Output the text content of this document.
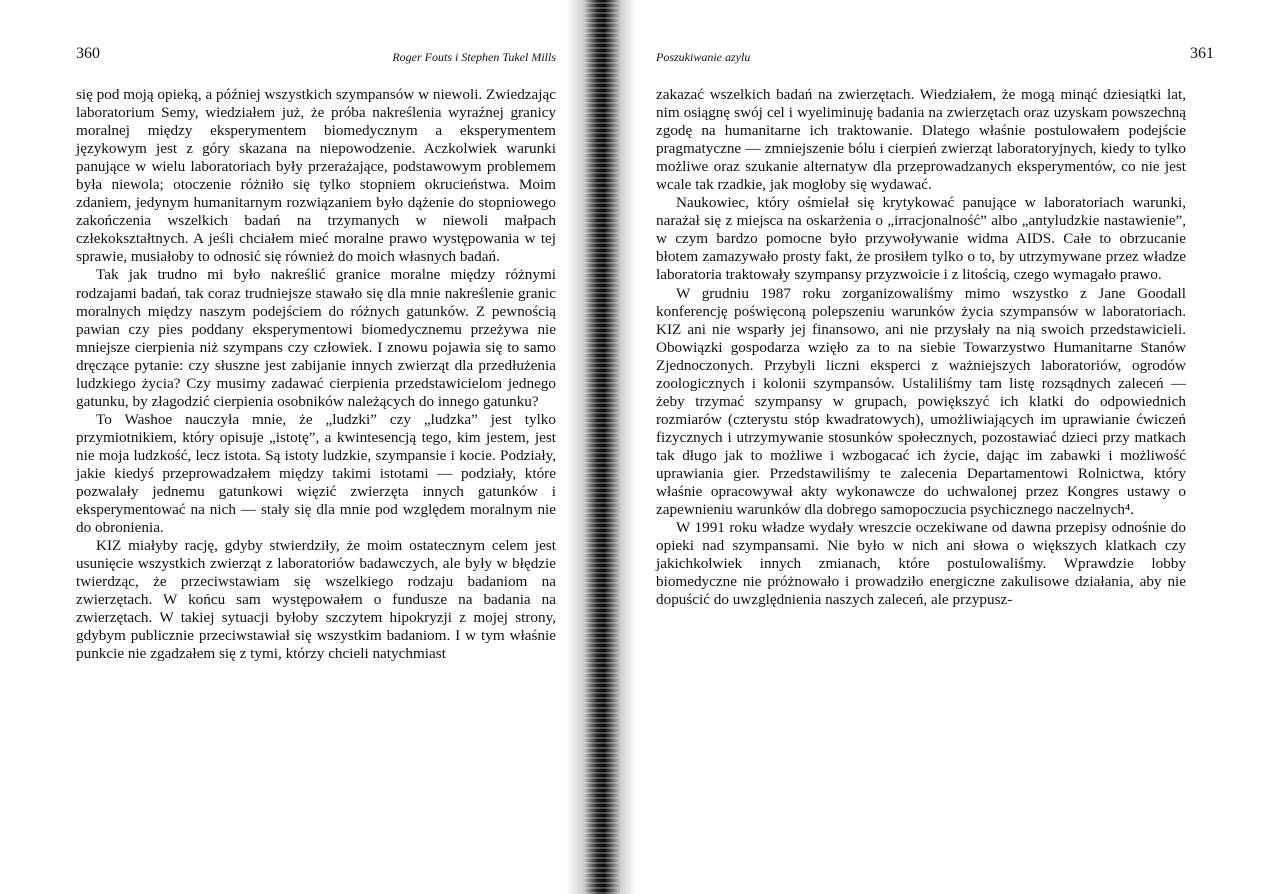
360	Roger Fouts i Stephen Tukel Mills

się pod moją opieką, a później wszystkich szympansów w niewoli. Zwiedzając laboratorium Semy, wiedziałem już, że próba nakreślenia wyraźnej granicy moralnej między eksperymentem biomedycznym a eksperymentem językowym jest z góry skazana na niepowodzenie. Aczkolwiek warunki panujące w wielu laboratoriach były przerażające, podstawowym problemem była niewola; otoczenie różniło się tylko stopniem okrucieństwa. Moim zdaniem, jedynym humanitarnym rozwiązaniem było dążenie do stopniowego zakończenia wszelkich badań na trzymanych w niewoli małpach człekokształtnych. A jeśli chciałem mieć moralne prawo występowania w tej sprawie, musiałoby to odnosić się również do moich własnych badań.

Tak jak trudno mi było nakreślić granice moralne między różnymi rodzajami badań, tak coraz trudniejsze stawało się dla mnie nakreślenie granic moralnych między naszym podejściem do różnych gatunków. Z pewnością pawian czy pies poddany eksperymentowi biomedycznemu przeżywa nie mniejsze cierpienia niż szympans czy człowiek. I znowu pojawia się to samo dręczące pytanie: czy słuszne jest zabijanie innych zwierząt dla przedłużenia ludzkiego życia? Czy musimy zadawać cierpienia przedstawicielom jednego gatunku, by złagodzić cierpienia osobników należących do innego gatunku?

To Washoe nauczyła mnie, że „ludzki” czy „ludzka” jest tylko przymiotnikiem, który opisuje „istotę”, a kwintesencją tego, kim jestem, jest nie moja ludzkość, lecz istota. Są istoty ludzkie, szympansie i kocie. Podziały, jakie kiedyś przeprowadzałem między takimi istotami — podziały, które pozwalały jednemu gatunkowi więzić zwierzęta innych gatunków i eksperymentować na nich — stały się dla mnie pod względem moralnym nie do obronienia.

KIZ miałyby rację, gdyby stwierdziły, że moim ostatecznym celem jest usunięcie wszystkich zwierząt z laboratoriów badawczych, ale były w błędzie twierdząc, że przeciwstawiam się wszelkiego rodzaju badaniom na zwierzętach. W końcu sam występowałem o fundusze na badania na zwierzętach. W takiej sytuacji byłoby szczytem hipokryzji z mojej strony, gdybym publicznie przeciwstawiał się wszystkim badaniom. I w tym właśnie punkcie nie zgadzałem się z tymi, którzy chcieli natychmiast

Poszukiwanie azylu	361

zakazać wszelkich badań na zwierzętach. Wiedziałem, że mogą minąć dziesiątki lat, nim osiągnę swój cel i wyeliminuję badania na zwierzętach oraz uzyskam powszechną zgodę na humanitarne ich traktowanie. Dlatego właśnie postulowałem podejście pragmatyczne — zmniejszenie bólu i cierpień zwierząt laboratoryjnych, kiedy to tylko możliwe oraz szukanie alternatyw dla przeprowadzanych eksperymentów, co nie jest wcale tak rzadkie, jak mogłoby się wydawać.

Naukowiec, który ośmielał się krytykować panujące w laboratoriach warunki, narażał się z miejsca na oskarżenia o „irracjonalność” albo „antyludzkie nastawienie”, w czym bardzo pomocne było przywoływanie widma AIDS. Całe to obrzucanie błotem zamazywało prosty fakt, że prosiłem tylko o to, by utrzymywane przez władze laboratoria traktowały szympansy przyzwoicie i z litością, czego wymagało prawo.

W grudniu 1987 roku zorganizowaliśmy mimo wszystko z Jane Goodall konferencję poświęconą polepszeniu warunków życia szympansów w laboratoriach. KIZ ani nie wsparły jej finansowo, ani nie przysłały na nią swoich przedstawicieli. Obowiązki gospodarza wzięło za to na siebie Towarzystwo Humanitarne Stanów Zjednoczonych. Przybyli liczni eksperci z ważniejszych laboratoriów, ogrodów zoologicznych i kolonii szympansów. Ustaliliśmy tam listę rozsądnych zaleceń — żeby trzymać szympansy w grupach, powiększyć ich klatki do odpowiednich rozmiarów (czterystu stóp kwadratowych), umożliwiających im uprawianie ćwiczeń fizycznych i utrzymywanie stosunków społecznych, pozostawiać dzieci przy matkach tak długo jak to możliwe i wzbogacać ich życie, dając im zabawki i możliwość uprawiania gier. Przedstawiliśmy te zalecenia Departamentowi Rolnictwa, który właśnie opracowywał akty wykonawcze do uchwalonej przez Kongres ustawy o zapewnieniu warunków dla dobrego samopoczucia psychicznego naczelnych⁴.

W 1991 roku władze wydały wreszcie oczekiwane od dawna przepisy odnośnie do opieki nad szympansami. Nie było w nich ani słowa o większych klatkach czy jakichkolwiek innych zmianach, które postulowaliśmy. Wprawdzie lobby biomedyczne nie próżnowało i prowadziło energiczne zakulisowe działania, aby nie dopuścić do uwzględnienia naszych zaleceń, ale przypusz-
